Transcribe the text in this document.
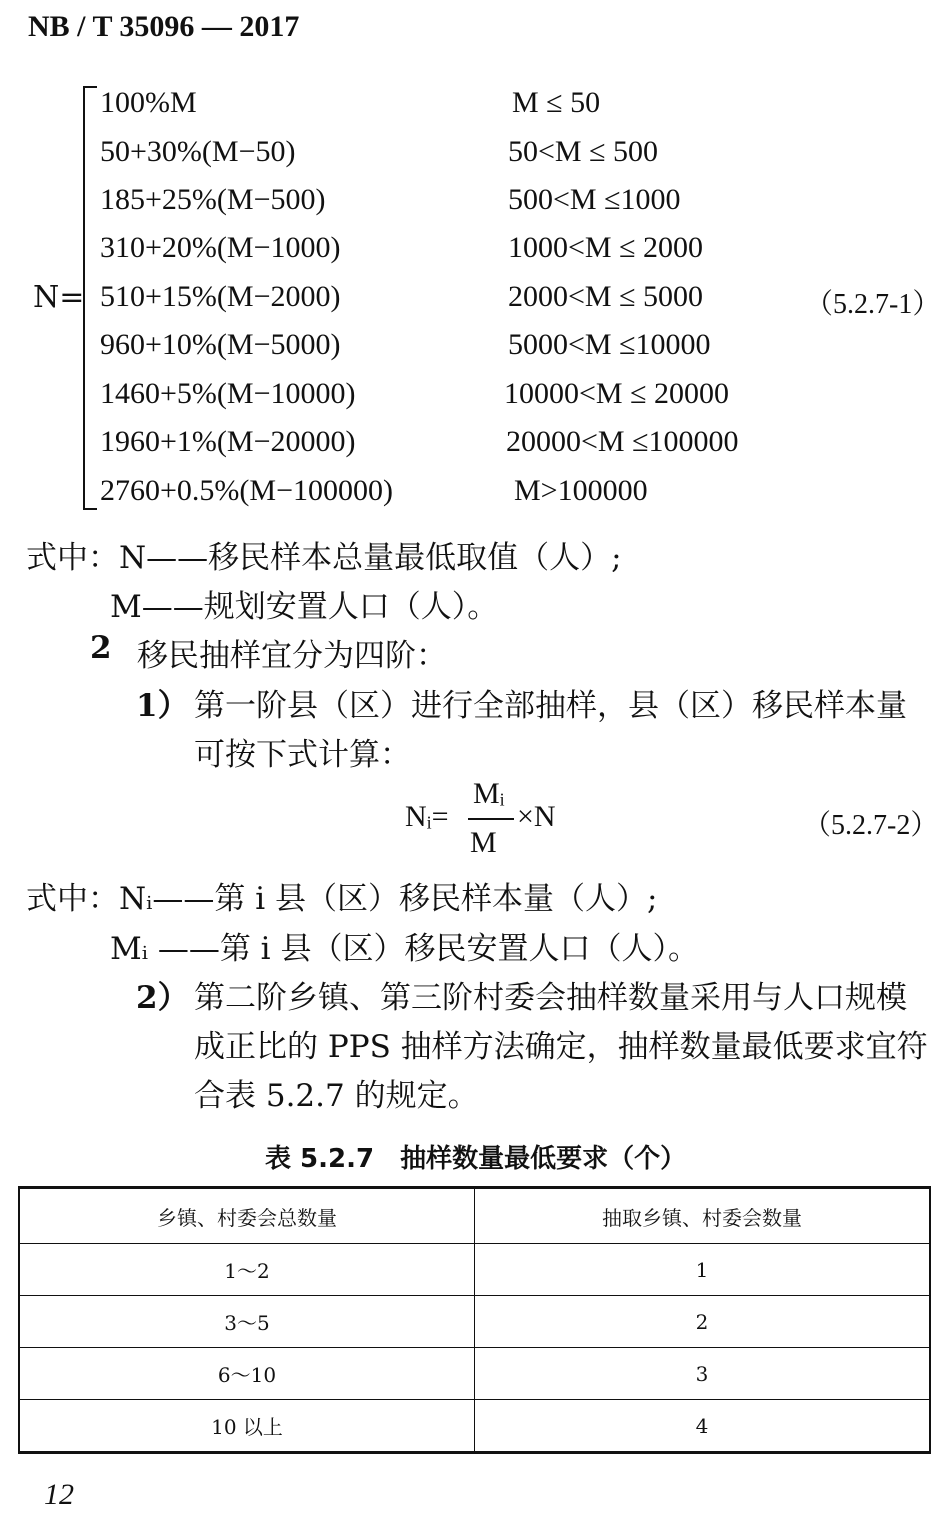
NB / T 35096 — 2017
N=
100%M	M ≤ 50
50+30%(M−50)	50<M ≤ 500
185+25%(M−500)	500<M ≤1000
310+20%(M−1000)	1000<M ≤ 2000
510+15%(M−2000)	2000<M ≤ 5000	（5.2.7-1）
960+10%(M−5000)	5000<M ≤10000
1460+5%(M−10000)	10000<M ≤ 20000
1960+1%(M−20000)	20000<M ≤100000
2760+0.5%(M−100000)	M>100000
式中：N——移民样本总量最低取值（人）;
M——规划安置人口（人）。
2 移民抽样宜分为四阶：
1） 第一阶县（区）进行全部抽样，县（区）移民样本量
可按下式计算：
Nᵢ=
Mᵢ
M
×N	（5.2.7-2）
式中：Nᵢ——第 i 县（区）移民样本量（人）;
Mᵢ ——第 i 县（区）移民安置人口（人）。
2） 第二阶乡镇、第三阶村委会抽样数量采用与人口规模
成正比的 PPS 抽样方法确定，抽样数量最低要求宜符
合表 5.2.7 的规定。
表 5.2.7　抽样数量最低要求（个）
乡镇、村委会总数量	抽取乡镇、村委会数量
1～2	1
3～5	2
6～10	3
10 以上	4
12
